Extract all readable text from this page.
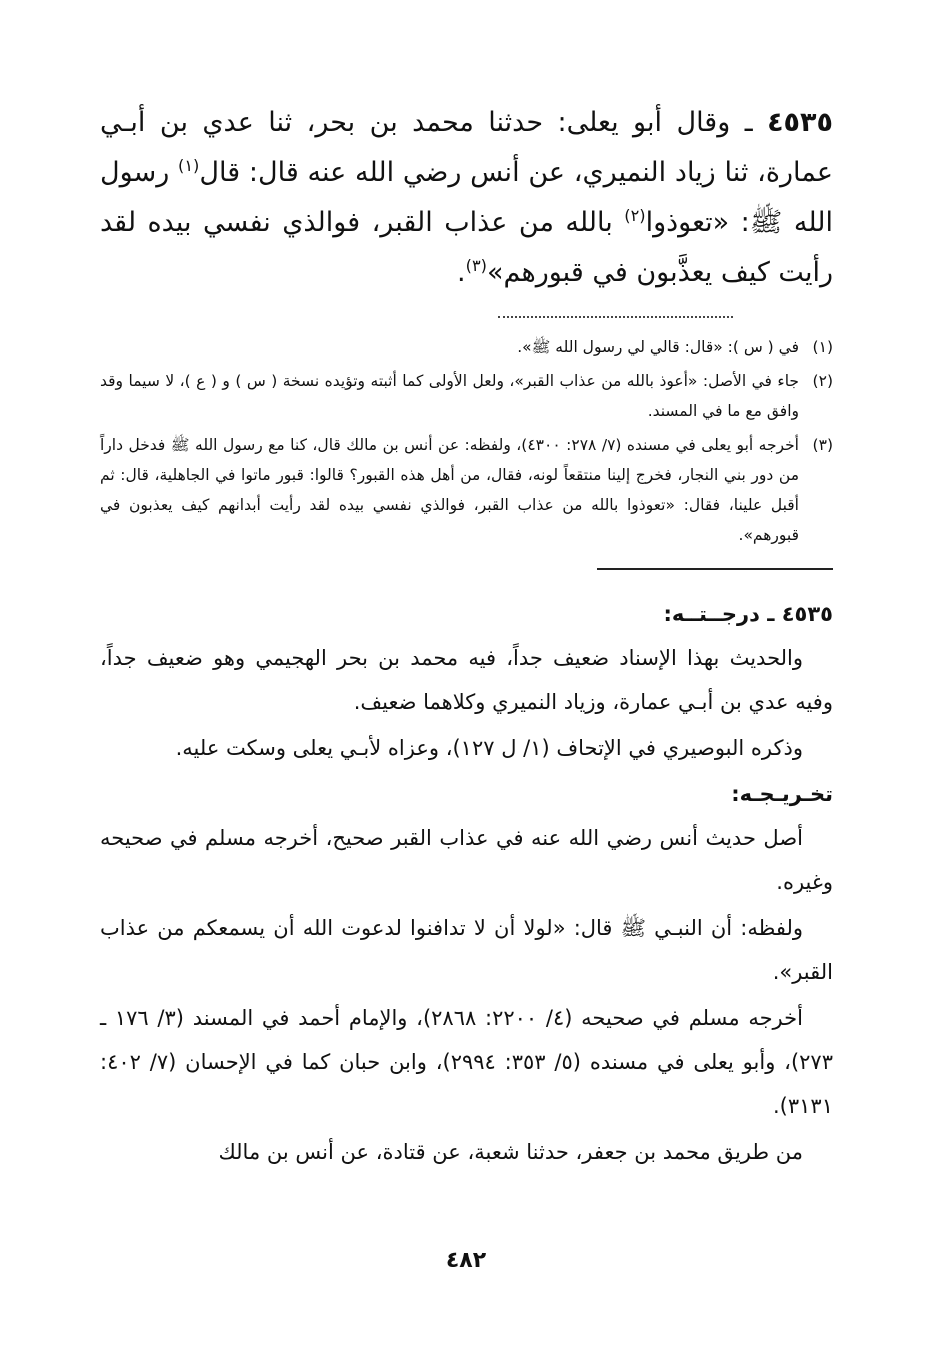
٤٥٣٥ ـ وقال أبو يعلى: حدثنا محمد بن بحر، ثنا عدي بن أبـي عمارة، ثنا زياد النميري، عن أنس رضي الله عنه قال: قال$^{(١)}$ رسول الله ﷺ: «تعوذوا$^{(٢)}$ بالله من عذاب القبر، فوالذي نفسي بيده لقد رأيت كيف يعذَّبون في قبورهم»$^{(٣)}$.

(١)
في ( س ): «قال: قالي لي رسول الله ﷺ».
(٢)
جاء في الأصل: «أعوذ بالله من عذاب القبر»، ولعل الأولى كما أثبته وتؤيده نسخة ( س ) و ( ع )، لا سيما وقد وافق مع ما في المسند.
(٣)
أخرجه أبو يعلى في مسنده (٧/ ٢٧٨: ٤٣٠٠)، ولفظه: عن أنس بن مالك قال، كنا مع رسول الله ﷺ فدخل داراً من دور بني النجار، فخرج إلينا منتقعاً لونه، فقال، من أهل هذه القبور؟ قالوا: قبور ماتوا في الجاهلية، قال: ثم أقبل علينا، فقال: «تعوذوا بالله من عذاب القبر، فوالذي نفسي بيده لقد رأيت أبدانهم كيف يعذبون في قبورهم».
٤٥٣٥ ـ درجــتــه:

والحديث بهذا الإسناد ضعيف جداً، فيه محمد بن بحر الهجيمي وهو ضعيف جداً، وفيه عدي بن أبـي عمارة، وزياد النميري وكلاهما ضعيف.

وذكره البوصيري في الإتحاف (١/ ل ١٢٧)، وعزاه لأبـي يعلى وسكت عليه.

تخـريـجـه:

أصل حديث أنس رضي الله عنه في عذاب القبر صحيح، أخرجه مسلم في صحيحه وغيره.

ولفظه: أن النبـي ﷺ قال: «لولا أن لا تدافنوا لدعوت الله أن يسمعكم من عذاب القبر».

أخرجه مسلم في صحيحه (٤/ ٢٢٠٠: ٢٨٦٨)، والإمام أحمد في المسند (٣/ ١٧٦ ـ ٢٧٣)، وأبو يعلى في مسنده (٥/ ٣٥٣: ٢٩٩٤)، وابن حبان كما في الإحسان (٧/ ٤٠٢: ٣١٣١).

من طريق محمد بن جعفر، حدثنا شعبة، عن قتادة، عن أنس بن مالك

٤٨٢
